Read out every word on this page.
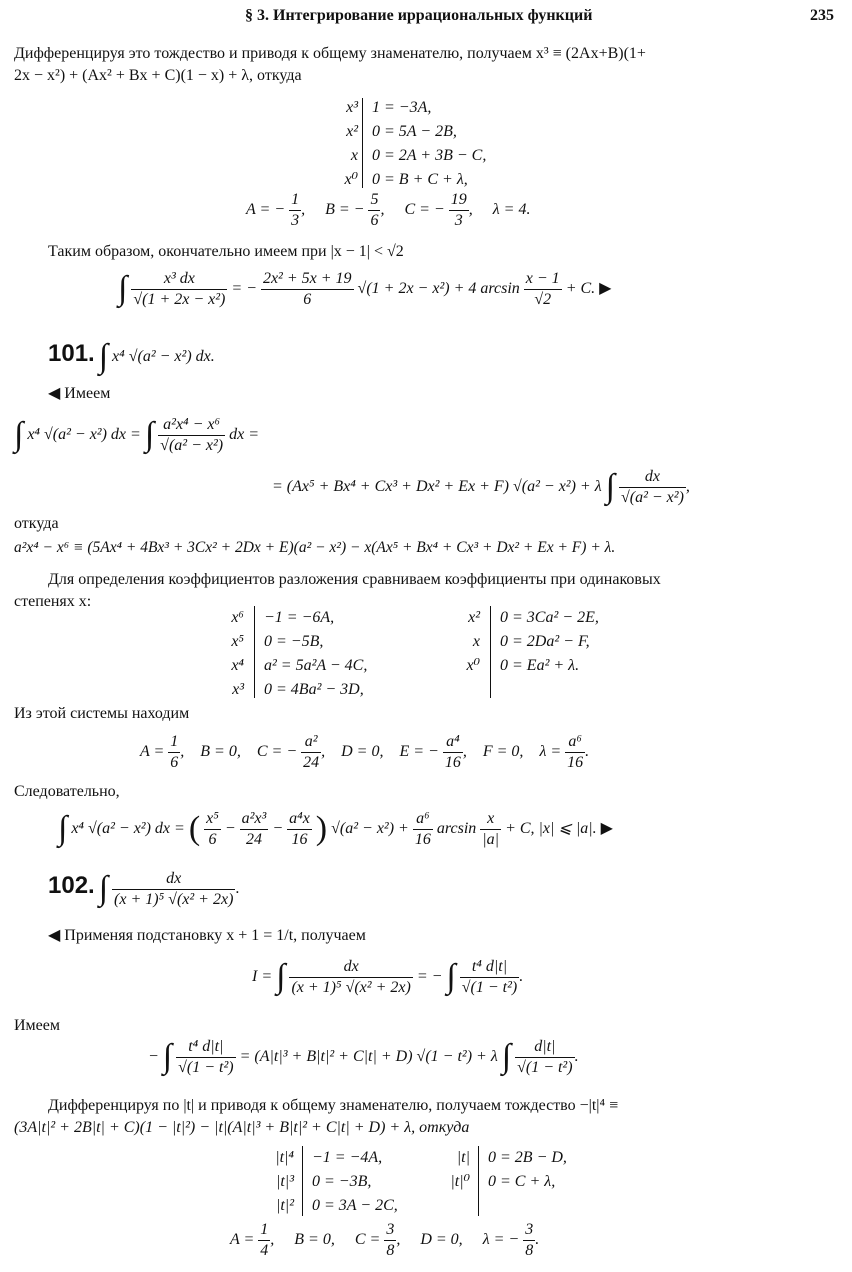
§ 3. Интегрирование иррациональных функций	235
Дифференцируя это тождество и приводя к общему знаменателю, получаем x³ ≡ (2Ax+B)(1+
2x − x²) + (Ax² + Bx + C)(1 − x) + λ, откуда
x³
x²
x
x⁰
1 = −3A,
0 = 5A − 2B,
0 = 2A + 3B − C,
0 = B + C + λ,
A = − $\frac{1}{3}$ ,     B = − $\frac{5}{6}$ ,     C = − $\frac{19}{3}$ ,     λ = 4.
Таким образом, окончательно имеем при |x − 1| < √2
∫ $\frac{\text{x³ dx}}{\text{√(1 + 2x − x²)}}$ = − $\frac{\text{2x² + 5x + 19}}{6} √(1 + 2x - x^2) + 4$ $\arcsin \frac{x - 1}{√2} + C$. ▶
101. ∫ x⁴ √(a² − x²) dx.
◀ Имеем
∫ x⁴ √(a² − x²) dx = ∫ $\frac{\text{a²x⁴ − x⁶}}{\text{√(a² − x²)}}$ dx =
= (Ax⁵ + Bx⁴ + Cx³ + Dx² + Ex + F) √(a² − x²) + λ ∫ $\frac{dx}{\text{√(a² − x²)}}$ ,
откуда
a²x⁴ − x⁶ ≡ (5Ax⁴ + 4Bx³ + 3Cx² + 2Dx + E)(a² − x²) − x(Ax⁵ + Bx⁴ + Cx³ + Dx² + Ex + F) + λ.
Для определения коэффициентов разложения сравниваем коэффициенты при одинаковых
степенях x:
x⁶
x⁵
x⁴
x³
−1 = −6A,
0 = −5B,
a² = 5a²A − 4C,
0 = 4Ba² − 3D,
x²
x
x⁰
0 = 3Ca² − 2E,
0 = 2Da² − F,
0 = Ea² + λ.
Из этой системы находим
$A = \frac{1}{6}$ ,    B = 0, C = − $\frac{\text{a²}}{24}$ ,    D = 0, E = − $\frac{\text{a⁴}}{16}$ ,    F = 0, $\lambda = \frac{\text{a⁶}}{16}$ .
Следовательно,
∫ x⁴ √(a² − x²) dx = ( $\frac{\text{x⁵}}{6} - \frac{\text{a²x³}}{24} - \frac{\text{a⁴x}}{16}$ ) $√(a^2 - x^2) + \frac{\text{a⁶}}{16}$ $\arcsin \frac{x}{|a|} + C$, |x| ⩽ |a|. ▶
102. ∫ $\frac{dx}{\text{(x + 1)⁵ √(x² + 2x)}}$ .
◀ Применяя подстановку x + 1 = 1/t, получаем
I = ∫ $\frac{dx}{\text{(x + 1)⁵ √(x² + 2x)}}$ = − ∫ $\frac{\text{t⁴ d|t|}}{\text{√(1 − t²)}}$ .
Имеем
− ∫ $\frac{\text{t⁴ d|t|}}{\text{√(1 − t²)}} = (A|t|^3 + B|t|^2 + C|t| + D) √(1 - t^2) + \lambda$ ∫ $\frac{d|t|}{\text{√(1 − t²)}}$ .
Дифференцируя по |t| и приводя к общему знаменателю, получаем тождество −|t|⁴ ≡
(3A|t|² + 2B|t| + C)(1 − |t|²) − |t|(A|t|³ + B|t|² + C|t| + D) + λ, откуда
|t|⁴
|t|³
|t|²
−1 = −4A,
0 = −3B,
0 = 3A − 2C,
|t|
|t|⁰
0 = 2B − D,
0 = C + λ,
$A = \frac{1}{4}$ ,     B = 0, $C = \frac{3}{8}$ ,     D = 0, λ = − $\frac{3}{8}$ .
